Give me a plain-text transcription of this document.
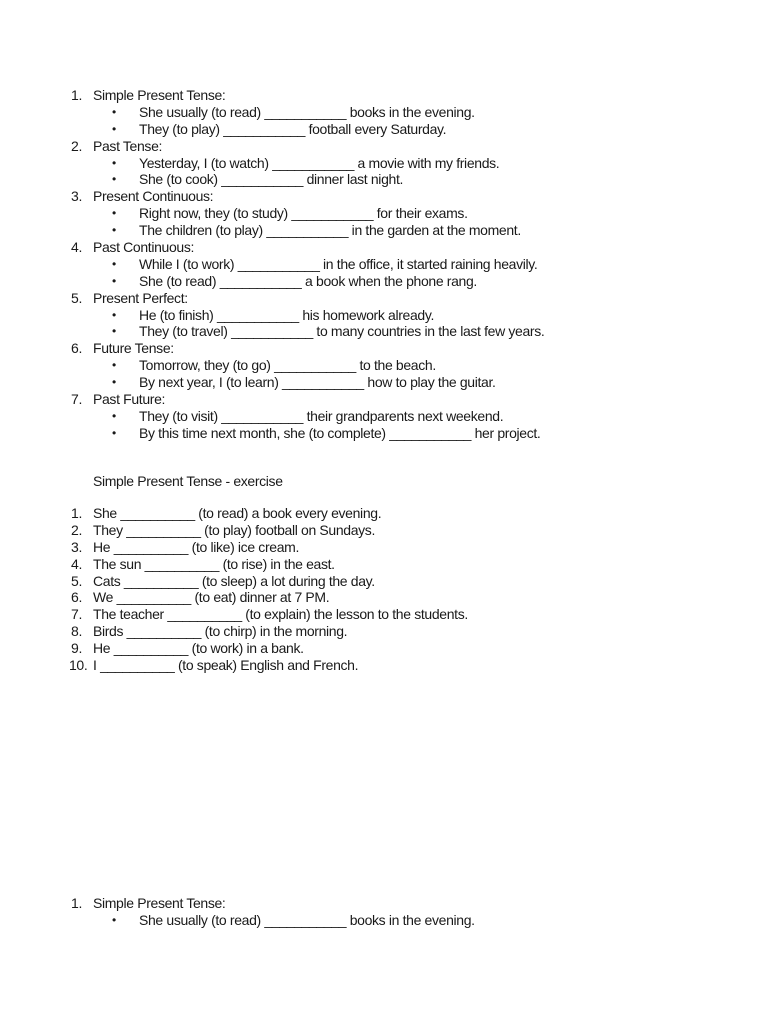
1. Simple Present Tense:
• She usually (to read) ___________ books in the evening.
• They (to play) ___________ football every Saturday.
2. Past Tense:
• Yesterday, I (to watch) ___________ a movie with my friends.
• She (to cook) ___________ dinner last night.
3. Present Continuous:
• Right now, they (to study) ___________ for their exams.
• The children (to play) ___________ in the garden at the moment.
4. Past Continuous:
• While I (to work) ___________ in the office, it started raining heavily.
• She (to read) ___________ a book when the phone rang.
5. Present Perfect:
• He (to finish) ___________ his homework already.
• They (to travel) ___________ to many countries in the last few years.
6. Future Tense:
• Tomorrow, they (to go) ___________ to the beach.
• By next year, I (to learn) ___________ how to play the guitar.
7. Past Future:
• They (to visit) ___________ their grandparents next weekend.
• By this time next month, she (to complete) ___________ her project.
Simple Present Tense - exercise
1. She __________ (to read) a book every evening.
2. They __________ (to play) football on Sundays.
3. He __________ (to like) ice cream.
4. The sun __________ (to rise) in the east.
5. Cats __________ (to sleep) a lot during the day.
6. We __________ (to eat) dinner at 7 PM.
7. The teacher __________ (to explain) the lesson to the students.
8. Birds __________ (to chirp) in the morning.
9. He __________ (to work) in a bank.
10. I __________ (to speak) English and French.
1. Simple Present Tense:
• She usually (to read) ___________ books in the evening.
